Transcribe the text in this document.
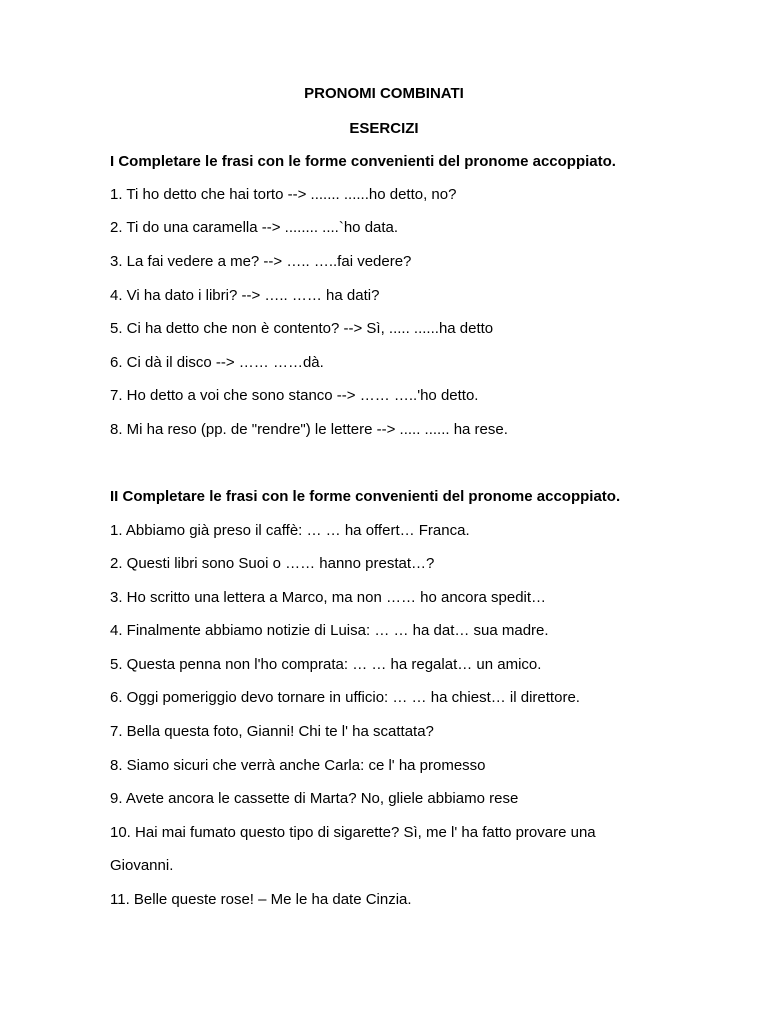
PRONOMI COMBINATI
ESERCIZI
I Completare le frasi con le forme convenienti del pronome accoppiato.
1. Ti ho detto che hai torto --> ....... ......ho detto, no?
2. Ti do una caramella --> ........ ....`ho data.
3. La fai vedere a me? --> ….. …..fai vedere?
4. Vi ha dato i libri? --> ….. …… ha dati?
5. Ci ha detto che non è contento? --> Sì, ..... ......ha detto
6. Ci dà il disco --> …… ……dà.
7. Ho detto a voi che sono stanco --> …… …..'ho detto.
8. Mi ha reso (pp. de "rendre") le lettere --> ..... ...... ha rese.
II Completare le frasi con le forme convenienti del pronome accoppiato.
1. Abbiamo già preso il caffè: … … ha offert… Franca.
2. Questi libri sono Suoi o …… hanno prestat…?
3. Ho scritto una lettera a Marco, ma non …… ho ancora spedit…
4. Finalmente abbiamo notizie di Luisa: … … ha dat… sua madre.
5. Questa penna non l'ho comprata: … … ha regalat… un amico.
6. Oggi pomeriggio devo tornare in ufficio: … … ha chiest… il direttore.
7. Bella questa foto, Gianni! Chi te l' ha scattata?
8. Siamo sicuri che verrà anche Carla: ce l' ha promesso
9. Avete ancora le cassette di Marta? No, gliele abbiamo rese
10. Hai mai fumato questo tipo di sigarette? Sì, me l' ha fatto provare una
Giovanni.
11. Belle queste rose! – Me le ha date Cinzia.
